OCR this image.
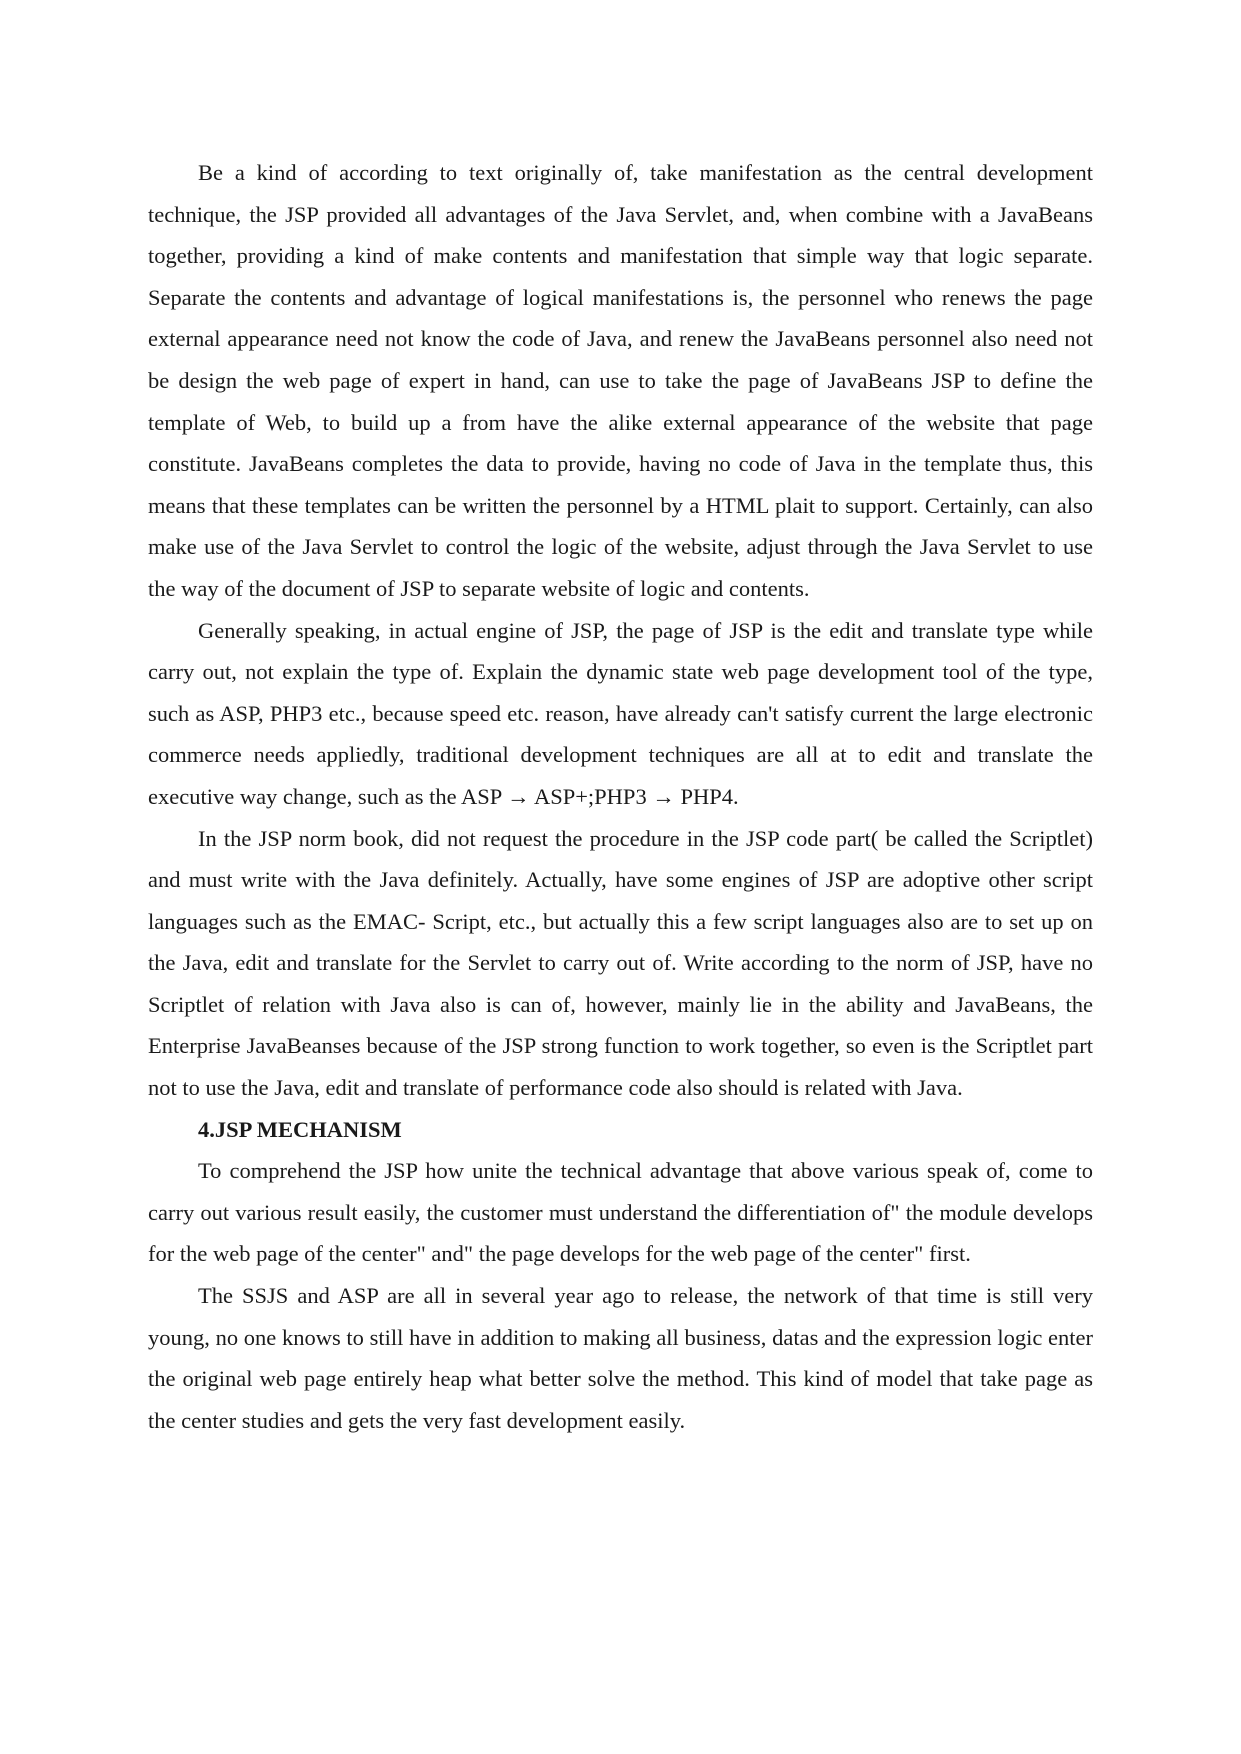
Be a kind of according to text originally of, take manifestation as the central development technique, the JSP provided all advantages of the Java Servlet, and, when combine with a JavaBeans together, providing a kind of make contents and manifestation that simple way that logic separate. Separate the contents and advantage of logical manifestations is, the personnel who renews the page external appearance need not know the code of Java, and renew the JavaBeans personnel also need not be design the web page of expert in hand, can use to take the page of JavaBeans JSP to define the template of Web, to build up a from have the alike external appearance of the website that page constitute. JavaBeans completes the data to provide, having no code of Java in the template thus, this means that these templates can be written the personnel by a HTML plait to support. Certainly, can also make use of the Java Servlet to control the logic of the website, adjust through the Java Servlet to use the way of the document of JSP to separate website of logic and contents.

Generally speaking, in actual engine of JSP, the page of JSP is the edit and translate type while carry out, not explain the type of. Explain the dynamic state web page development tool of the type, such as ASP, PHP3 etc., because speed etc. reason, have already can't satisfy current the large electronic commerce needs appliedly, traditional development techniques are all at to edit and translate the executive way change, such as the ASP → ASP+;PHP3 → PHP4.

In the JSP norm book, did not request the procedure in the JSP code part( be called the Scriptlet) and must write with the Java definitely. Actually, have some engines of JSP are adoptive other script languages such as the EMAC- Script, etc., but actually this a few script languages also are to set up on the Java, edit and translate for the Servlet to carry out of. Write according to the norm of JSP, have no Scriptlet of relation with Java also is can of, however, mainly lie in the ability and JavaBeans, the Enterprise JavaBeanses because of the JSP strong function to work together, so even is the Scriptlet part not to use the Java, edit and translate of performance code also should is related with Java.

4.JSP MECHANISM

To comprehend the JSP how unite the technical advantage that above various speak of, come to carry out various result easily, the customer must understand the differentiation of" the module develops for the web page of the center" and" the page develops for the web page of the center" first.

The SSJS and ASP are all in several year ago to release, the network of that time is still very young, no one knows to still have in addition to making all business, datas and the expression logic enter the original web page entirely heap what better solve the method. This kind of model that take page as the center studies and gets the very fast development easily.
